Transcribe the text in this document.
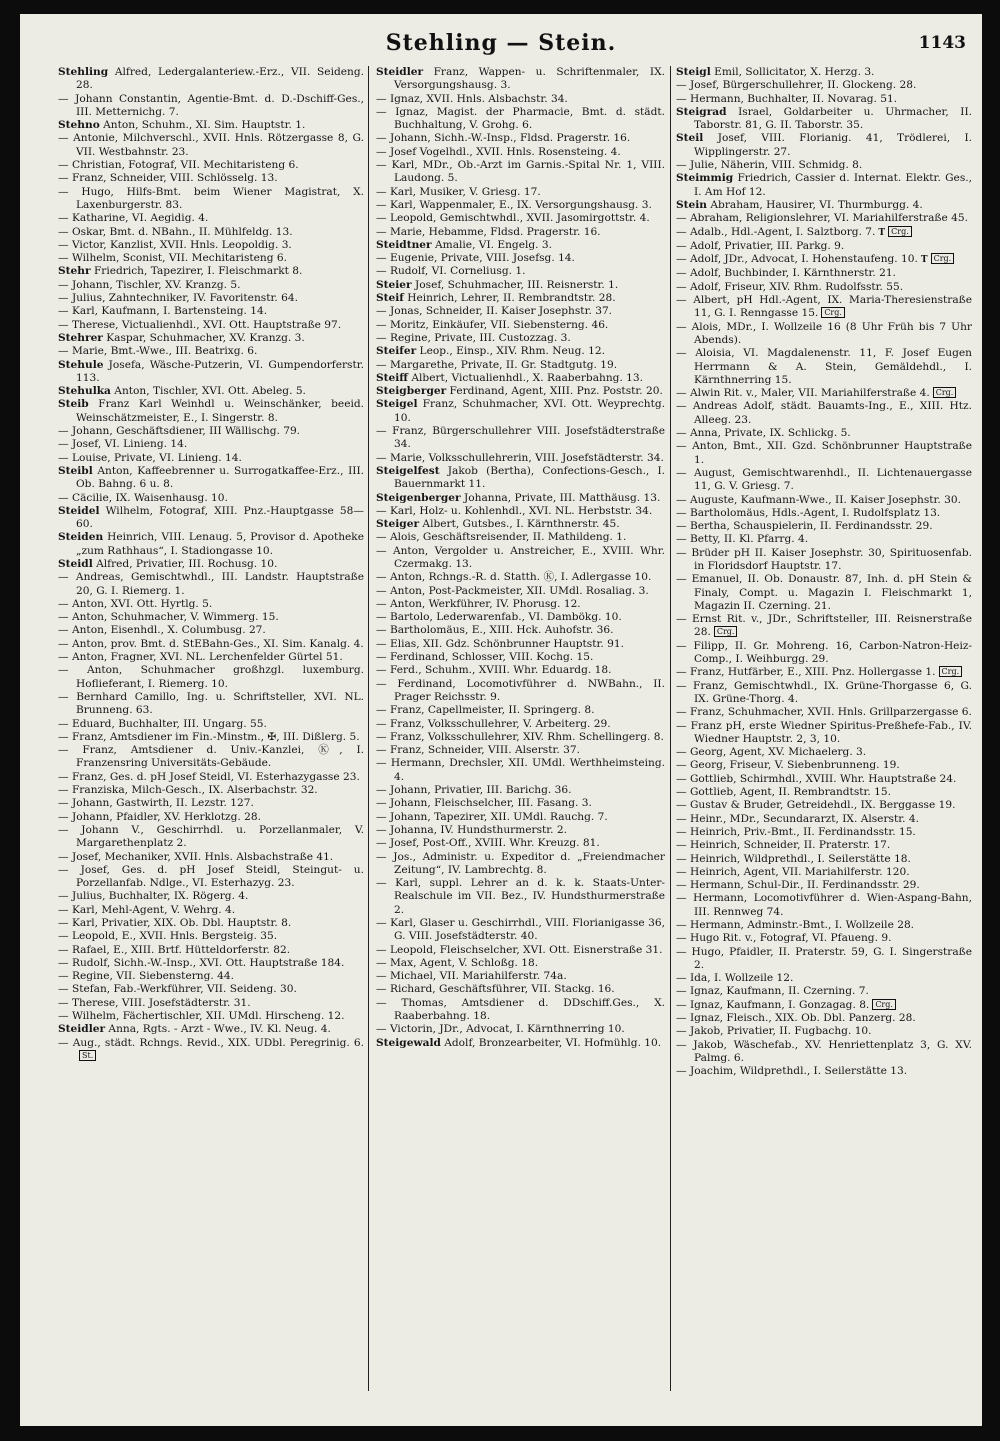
Stehling — Stein.	1143
Stehling Alfred, Ledergalanteriew.-Erz., VII. Seideng. 28.
— Johann Constantin, Agentie-Bmt. d. D.-Dschiff-Ges., III. Metternichg. 7.
Stehno Anton, Schuhm., XI. Sim. Hauptstr. 1.
— Antonie, Milchverschl., XVII. Hnls. Rötzergasse 8, G. VII. Westbahnstr. 23.
— Christian, Fotograf, VII. Mechitaristeng 6.
— Franz, Schneider, VIII. Schlösselg. 13.
— Hugo, Hilfs-Bmt. beim Wiener Magistrat, X. Laxenburgerstr. 83.
— Katharine, VI. Aegidig. 4.
— Oskar, Bmt. d. NBahn., II. Mühlfeldg. 13.
— Victor, Kanzlist, XVII. Hnls. Leopoldig. 3.
— Wilhelm, Sconist, VII. Mechitaristeng 6.
Stehr Friedrich, Tapezirer, I. Fleischmarkt 8.
— Johann, Tischler, XV. Kranzg. 5.
— Julius, Zahntechniker, IV. Favoritenstr. 64.
— Karl, Kaufmann, I. Bartensteing. 14.
— Therese, Victualienhdl., XVI. Ott. Hauptstraße 97.
Stehrer Kaspar, Schuhmacher, XV. Kranzg. 3.
— Marie, Bmt.-Wwe., III. Beatrixg. 6.
Stehule Josefa, Wäsche-Putzerin, VI. Gumpendorferstr. 113.
Stehulka Anton, Tischler, XVI. Ott. Abeleg. 5.
Steib Franz Karl Weinhdl u. Weinschänker, beeid. Weinschätzmeister, E., I. Singerstr. 8.
— Johann, Geschäftsdiener, III Wällischg. 79.
— Josef, VI. Linieng. 14.
— Louise, Private, VI. Linieng. 14.
Steibl Anton, Kaffeebrenner u. Surrogatkaffee-Erz., III. Ob. Bahng. 6 u. 8.
— Cäcilie, IX. Waisenhausg. 10.
Steidel Wilhelm, Fotograf, XIII. Pnz.-Hauptgasse 58—60.
Steiden Heinrich, VIII. Lenaug. 5, Provisor d. Apotheke „zum Rathhaus“, I. Stadiongasse 10.
Steidl Alfred, Privatier, III. Rochusg. 10.
— Andreas, Gemischtwhdl., III. Landstr. Hauptstraße 20, G. I. Riemerg. 1.
— Anton, XVI. Ott. Hyrtlg. 5.
— Anton, Schuhmacher, V. Wimmerg. 15.
— Anton, Eisenhdl., X. Columbusg. 27.
— Anton, prov. Bmt. d. StEBahn-Ges., XI. Sim. Kanalg. 4.
— Anton, Fragner, XVI. NL. Lerchenfelder Gürtel 51.
— Anton, Schuhmacher großhzgl. luxemburg. Hoflieferant, I. Riemerg. 10.
— Bernhard Camillo, Ing. u. Schriftsteller, XVI. NL. Brunneng. 63.
— Eduard, Buchhalter, III. Ungarg. 55.
— Franz, Amtsdiener im Fin.-Minstm., ✠, III. Dißlerg. 5.
— Franz, Amtsdiener d. Univ.-Kanzlei, Ⓚ, I. Franzensring Universitäts-Gebäude.
— Franz, Ges. d. pH Josef Steidl, VI. Esterhazygasse 23.
— Franziska, Milch-Gesch., IX. Alserbachstr. 32.
— Johann, Gastwirth, II. Lezstr. 127.
— Johann, Pfaidler, XV. Herklotzg. 28.
— Johann V., Geschirrhdl. u. Porzellanmaler, V. Margarethenplatz 2.
— Josef, Mechaniker, XVII. Hnls. Alsbachstraße 41.
— Josef, Ges. d. pH Josef Steidl, Steingut- u. Porzellanfab. Ndlge., VI. Esterhazyg. 23.
— Julius, Buchhalter, IX. Rögerg. 4.
— Karl, Mehl-Agent, V. Wehrg. 4.
— Karl, Privatier, XIX. Ob. Dbl. Hauptstr. 8.
— Leopold, E., XVII. Hnls. Bergsteig. 35.
— Rafael, E., XIII. Brtf. Hütteldorferstr. 82.
— Rudolf, Sichh.-W.-Insp., XVI. Ott. Hauptstraße 184.
— Regine, VII. Siebensterng. 44.
— Stefan, Fab.-Werkführer, VII. Seideng. 30.
— Therese, VIII. Josefstädterstr. 31.
— Wilhelm, Fächertischler, XII. UMdl. Hirscheng. 12.
Steidler Anna, Rgts. - Arzt - Wwe., IV. Kl. Neug. 4.
— Aug., städt. Rchngs. Revid., XIX. UDbl. Peregrinig. 6.St.
Steidler Franz, Wappen- u. Schriftenmaler, IX. Versorgungshausg. 3.
— Ignaz, XVII. Hnls. Alsbachstr. 34.
— Ignaz, Magist. der Pharmacie, Bmt. d. städt. Buchhaltung, V. Grohg. 6.
— Johann, Sichh.-W.-Insp., Fldsd. Pragerstr. 16.
— Josef Vogelhdl., XVII. Hnls. Rosensteing. 4.
— Karl, MDr., Ob.-Arzt im Garnis.-Spital Nr. 1, VIII. Laudong. 5.
— Karl, Musiker, V. Griesg. 17.
— Karl, Wappenmaler, E., IX. Versorgungshausg. 3.
— Leopold, Gemischtwhdl., XVII. Jasomirgottstr. 4.
— Marie, Hebamme, Fldsd. Pragerstr. 16.
Steidtner Amalie, VI. Engelg. 3.
— Eugenie, Private, VIII. Josefsg. 14.
— Rudolf, VI. Corneliusg. 1.
Steier Josef, Schuhmacher, III. Reisnerstr. 1.
Steif Heinrich, Lehrer, II. Rembrandtstr. 28.
— Jonas, Schneider, II. Kaiser Josephstr. 37.
— Moritz, Einkäufer, VII. Siebensterng. 46.
— Regine, Private, III. Custozzag. 3.
Steifer Leop., Einsp., XIV. Rhm. Neug. 12.
— Margarethe, Private, II. Gr. Stadtgutg. 19.
Steiff Albert, Victualienhdl., X. Raaberbahng. 13.
Steigberger Ferdinand, Agent, XIII. Pnz. Poststr. 20.
Steigel Franz, Schuhmacher, XVI. Ott. Weyprechtg. 10.
— Franz, Bürgerschullehrer VIII. Josefstädterstraße 34.
— Marie, Volksschullehrerin, VIII. Josefstädterstr. 34.
Steigelfest Jakob (Bertha), Confections-Gesch., I. Bauernmarkt 11.
Steigenberger Johanna, Private, III. Matthäusg. 13.
— Karl, Holz- u. Kohlenhdl., XVI. NL. Herbststr. 34.
Steiger Albert, Gutsbes., I. Kärnthnerstr. 45.
— Alois, Geschäftsreisender, II. Mathildeng. 1.
— Anton, Vergolder u. Anstreicher, E., XVIII. Whr. Czermakg. 13.
— Anton, Rchngs.-R. d. Statth. Ⓚ, I. Adlergasse 10.
— Anton, Post-Packmeister, XII. UMdl. Rosaliag. 3.
— Anton, Werkführer, IV. Phorusg. 12.
— Bartolo, Lederwarenfab., VI. Dambökg. 10.
— Bartholomäus, E., XIII. Hck. Auhofstr. 36.
— Elias, XII. Gdz. Schönbrunner Hauptstr. 91.
— Ferdinand, Schlosser, VIII. Kochg. 15.
— Ferd., Schuhm., XVIII. Whr. Eduardg. 18.
— Ferdinand, Locomotivführer d. NWBahn., II. Prager Reichsstr. 9.
— Franz, Capellmeister, II. Springerg. 8.
— Franz, Volksschullehrer, V. Arbeiterg. 29.
— Franz, Volksschullehrer, XIV. Rhm. Schellingerg. 8.
— Franz, Schneider, VIII. Alserstr. 37.
— Hermann, Drechsler, XII. UMdl. Werthheimsteing. 4.
— Johann, Privatier, III. Barichg. 36.
— Johann, Fleischselcher, III. Fasang. 3.
— Johann, Tapezirer, XII. UMdl. Rauchg. 7.
— Johanna, IV. Hundsthurmerstr. 2.
— Josef, Post-Off., XVIII. Whr. Kreuzg. 81.
— Jos., Administr. u. Expeditor d. „Freiendmacher Zeitung“, IV. Lambrechtg. 8.
— Karl, suppl. Lehrer an d. k. k. Staats-Unter-Realschule im VII. Bez., IV. Hundsthurmerstraße 2.
— Karl, Glaser u. Geschirrhdl., VIII. Florianigasse 36, G. VIII. Josefstädterstr. 40.
— Leopold, Fleischselcher, XVI. Ott. Eisnerstraße 31.
— Max, Agent, V. Schloßg. 18.
— Michael, VII. Mariahilferstr. 74a.
— Richard, Geschäftsführer, VII. Stackg. 16.
— Thomas, Amtsdiener d. DDschiff.Ges., X. Raaberbahng. 18.
— Victorin, JDr., Advocat, I. Kärnthnerring 10.
Steigewald Adolf, Bronzearbeiter, VI. Hofmühlg. 10.
Steigl Emil, Sollicitator, X. Herzg. 3.
— Josef, Bürgerschullehrer, II. Glockeng. 28.
— Hermann, Buchhalter, II. Novarag. 51.
Steigrad Israel, Goldarbeiter u. Uhrmacher, II. Taborstr. 81, G. II. Taborstr. 35.
Steil Josef, VIII. Florianig. 41, Trödlerei, I. Wipplingerstr. 27.
— Julie, Näherin, VIII. Schmidg. 8.
Steimmig Friedrich, Cassier d. Internat. Elektr. Ges., I. Am Hof 12.
Stein Abraham, Hausirer, VI. Thurmburgg. 4.
— Abraham, Religionslehrer, VI. Mariahilferstraße 45.
— Adalb., Hdl.-Agent, I. Salztborg. 7. T Crg.
— Adolf, Privatier, III. Parkg. 9.
— Adolf, JDr., Advocat, I. Hohenstaufeng. 10. T Crg.
— Adolf, Buchbinder, I. Kärnthnerstr. 21.
— Adolf, Friseur, XIV. Rhm. Rudolfsstr. 55.
— Albert, pH Hdl.-Agent, IX. Maria-Theresienstraße 11, G. I. Renngasse 15. Crg.
— Alois, MDr., I. Wollzeile 16 (8 Uhr Früh bis 7 Uhr Abends).
— Aloisia, VI. Magdalenenstr. 11, F. Josef Eugen Herrmann & A. Stein, Gemäldehdl., I. Kärnthnerring 15.
— Alwin Rit. v., Maler, VII. Mariahilferstraße 4. Crg.
— Andreas Adolf, städt. Bauamts-Ing., E., XIII. Htz. Alleeg. 23.
— Anna, Private, IX. Schlickg. 5.
— Anton, Bmt., XII. Gzd. Schönbrunner Hauptstraße 1.
— August, Gemischtwarenhdl., II. Lichtenauergasse 11, G. V. Griesg. 7.
— Auguste, Kaufmann-Wwe., II. Kaiser Josephstr. 30.
— Bartholomäus, Hdls.-Agent, I. Rudolfsplatz 13.
— Bertha, Schauspielerin, II. Ferdinandsstr. 29.
— Betty, II. Kl. Pfarrg. 4.
— Brüder pH II. Kaiser Josephstr. 30, Spirituosenfab. in Floridsdorf Hauptstr. 17.
— Emanuel, II. Ob. Donaustr. 87, Inh. d. pH Stein & Finaly, Compt. u. Magazin I. Fleischmarkt 1, Magazin II. Czerning. 21.
— Ernst Rit. v., JDr., Schriftsteller, III. Reisnerstraße 28. Crg.
— Filipp, II. Gr. Mohreng. 16, Carbon-Natron-Heiz-Comp., I. Weihburgg. 29.
— Franz, Hutfärber, E., XIII. Pnz. Hollergasse 1. Crg.
— Franz, Gemischtwhdl., IX. Grüne-Thorgasse 6, G. IX. Grüne-Thorg. 4.
— Franz, Schuhmacher, XVII. Hnls. Grillparzergasse 6.
— Franz pH, erste Wiedner Spiritus-Preßhefe-Fab., IV. Wiedner Hauptstr. 2, 3, 10.
— Georg, Agent, XV. Michaelerg. 3.
— Georg, Friseur, V. Siebenbrunneng. 19.
— Gottlieb, Schirmhdl., XVIII. Whr. Hauptstraße 24.
— Gottlieb, Agent, II. Rembrandtstr. 15.
— Gustav & Bruder, Getreidehdl., IX. Berggasse 19.
— Heinr., MDr., Secundararzt, IX. Alserstr. 4.
— Heinrich, Priv.-Bmt., II. Ferdinandsstr. 15.
— Heinrich, Schneider, II. Praterstr. 17.
— Heinrich, Wildprethdl., I. Seilerstätte 18.
— Heinrich, Agent, VII. Mariahilferstr. 120.
— Hermann, Schul-Dir., II. Ferdinandsstr. 29.
— Hermann, Locomotivführer d. Wien-Aspang-Bahn, III. Rennweg 74.
— Hermann, Adminstr.-Bmt., I. Wollzeile 28.
— Hugo Rit. v., Fotograf, VI. Pfaueng. 9.
— Hugo, Pfaidler, II. Praterstr. 59, G. I. Singerstraße 2.
— Ida, I. Wollzeile 12.
— Ignaz, Kaufmann, II. Czerning. 7.
— Ignaz, Kaufmann, I. Gonzagag. 8. Crg.
— Ignaz, Fleisch., XIX. Ob. Dbl. Panzerg. 28.
— Jakob, Privatier, II. Fugbachg. 10.
— Jakob, Wäschefab., XV. Henriettenplatz 3, G. XV. Palmg. 6.
— Joachim, Wildprethdl., I. Seilerstätte 13.
